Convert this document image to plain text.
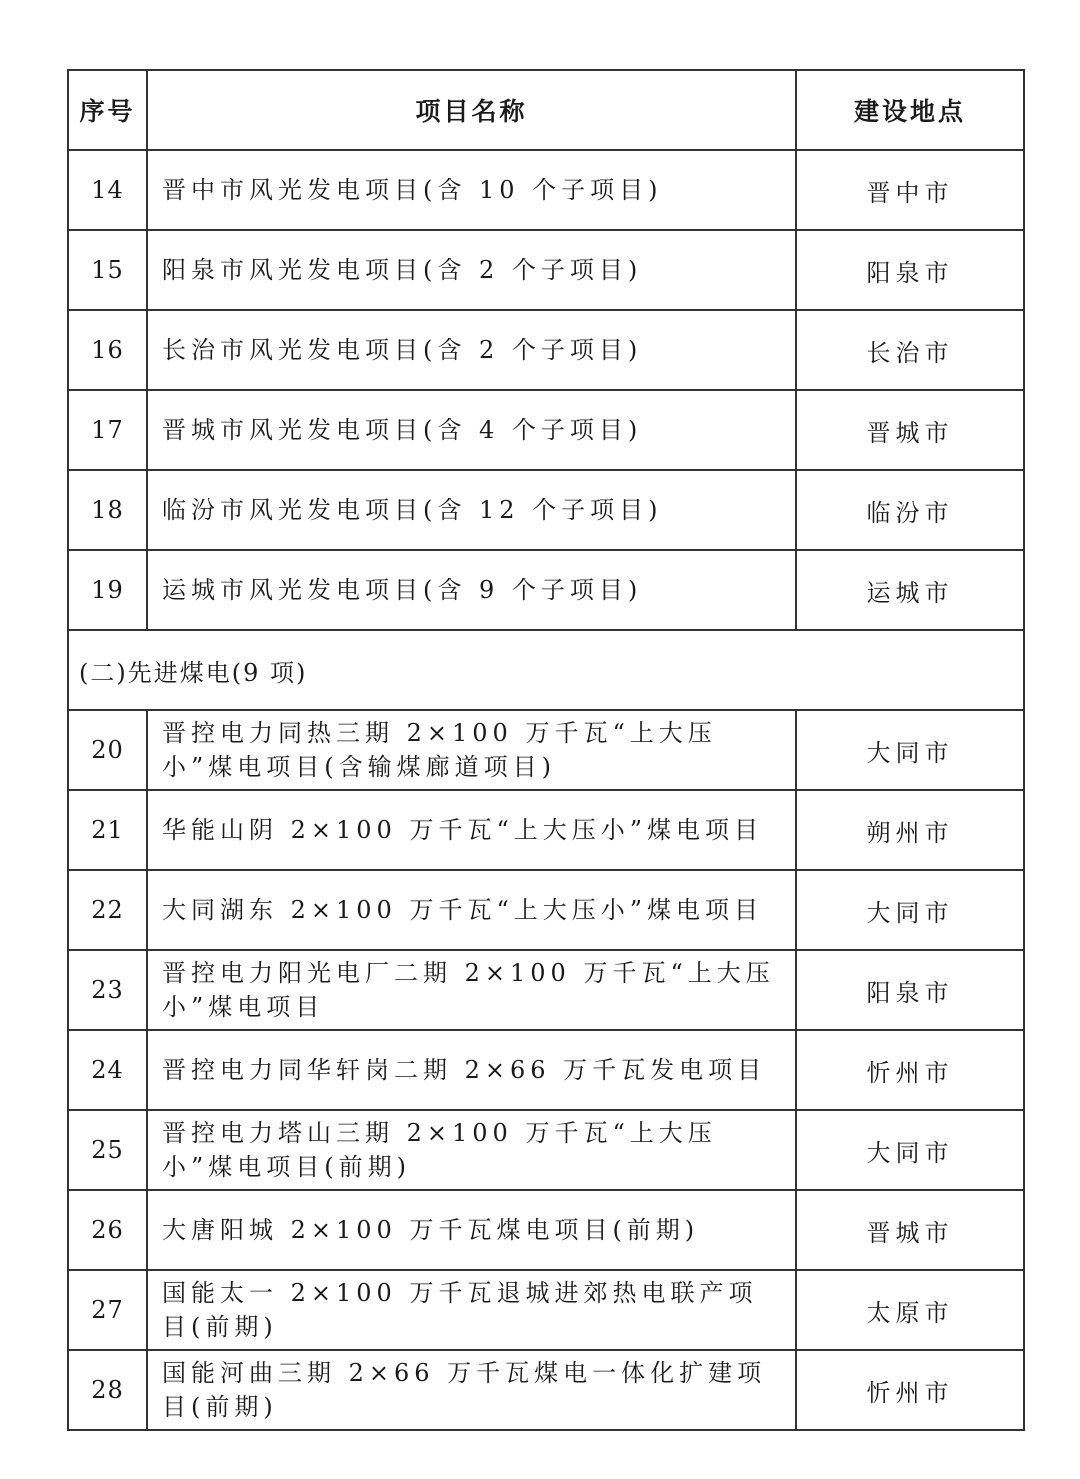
序号	项目名称	建设地点
14	晋中市风光发电项目(含 10 个子项目)	晋中市
15	阳泉市风光发电项目(含 2 个子项目)	阳泉市
16	长治市风光发电项目(含 2 个子项目)	长治市
17	晋城市风光发电项目(含 4 个子项目)	晋城市
18	临汾市风光发电项目(含 12 个子项目)	临汾市
19	运城市风光发电项目(含 9 个子项目)	运城市
(二)先进煤电(9 项)		
20	晋控电力同热三期 2×100 万千瓦“上大压小”煤电项目(含输煤廊道项目)	大同市
21	华能山阴 2×100 万千瓦“上大压小”煤电项目	朔州市
22	大同湖东 2×100 万千瓦“上大压小”煤电项目	大同市
23	晋控电力阳光电厂二期 2×100 万千瓦“上大压小”煤电项目	阳泉市
24	晋控电力同华轩岗二期 2×66 万千瓦发电项目	忻州市
25	晋控电力塔山三期 2×100 万千瓦“上大压小”煤电项目(前期)	大同市
26	大唐阳城 2×100 万千瓦煤电项目(前期)	晋城市
27	国能太一 2×100 万千瓦退城进郊热电联产项目(前期)	太原市
28	国能河曲三期 2×66 万千瓦煤电一体化扩建项目(前期)	忻州市
